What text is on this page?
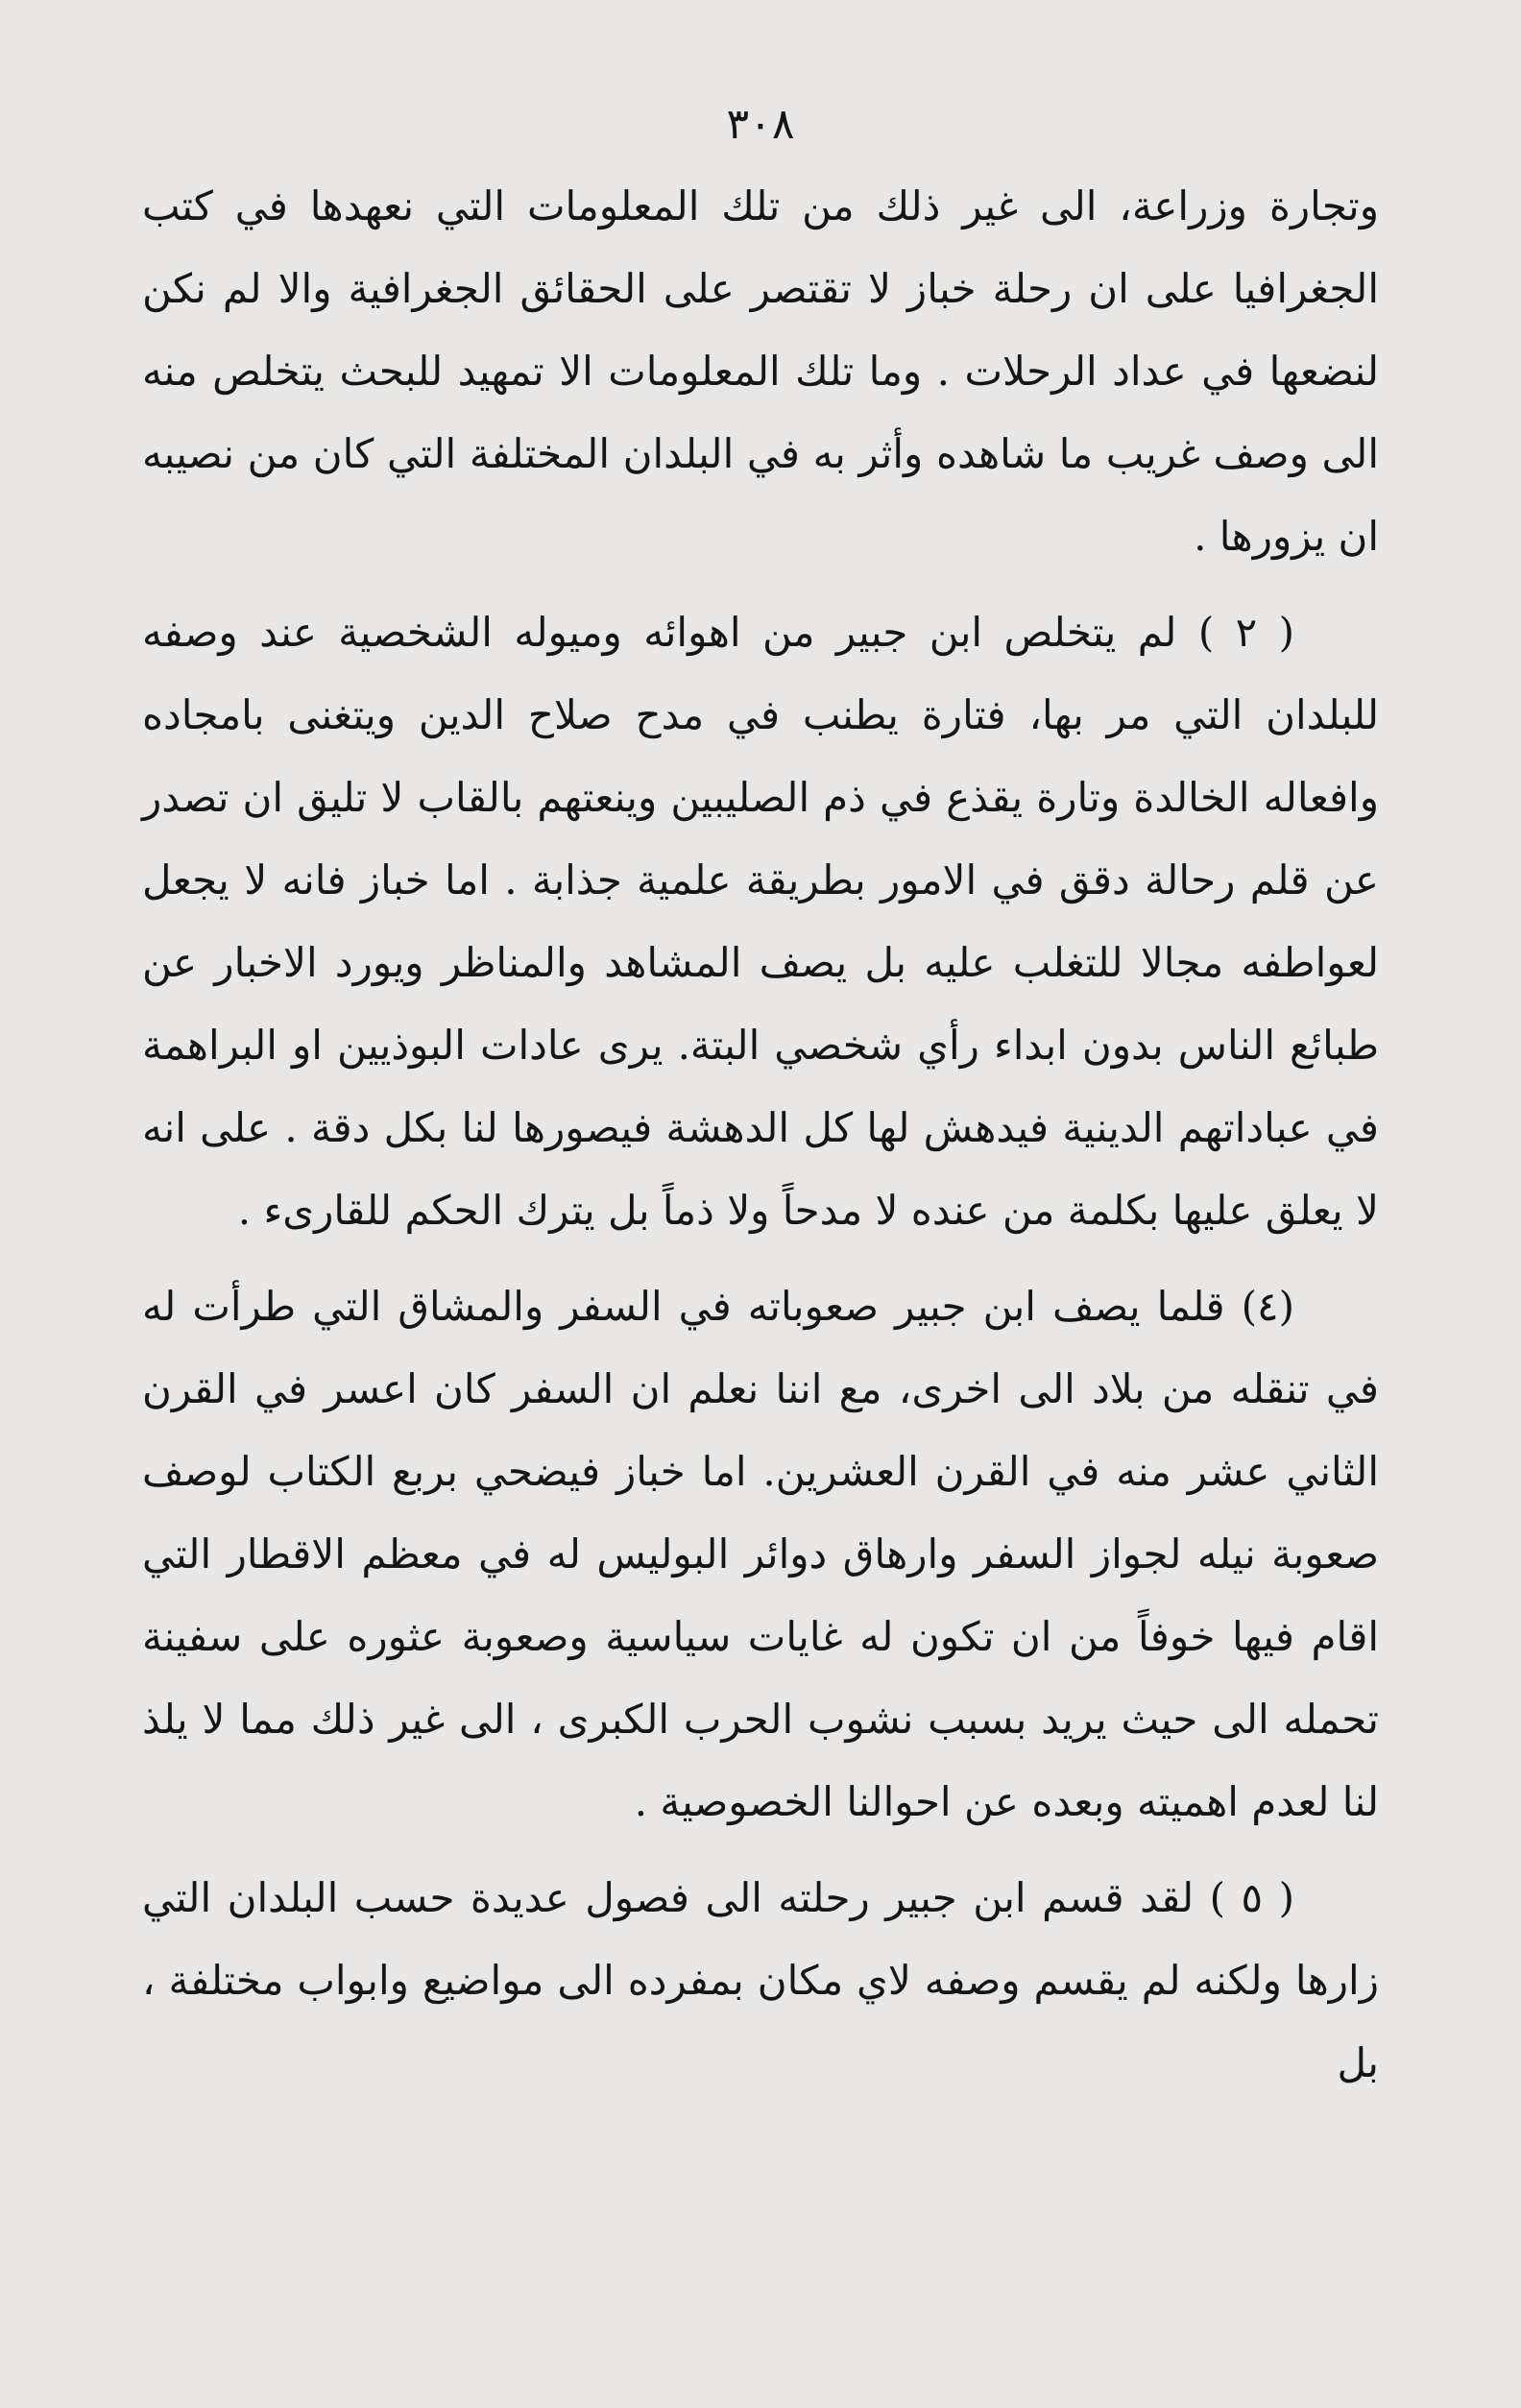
٣٠٨

وتجارة وزراعة، الى غير ذلك من تلك المعلومات التي نعهدها في كتب الجغرافيا على ان رحلة خباز لا تقتصر على الحقائق الجغرافية والا لم نكن لنضعها في عداد الرحلات . وما تلك المعلومات الا تمهيد للبحث يتخلص منه الى وصف غريب ما شاهده وأثر به في البلدان المختلفة التي كان من نصيبه ان يزورها .

( ٢ ) لم يتخلص ابن جبير من اهوائه وميوله الشخصية عند وصفه للبلدان التي مر بها، فتارة يطنب في مدح صلاح الدين ويتغنى بامجاده وافعاله الخالدة وتارة يقذع في ذم الصليبين وينعتهم بالقاب لا تليق ان تصدر عن قلم رحالة دقق في الامور بطريقة علمية جذابة . اما خباز فانه لا يجعل لعواطفه مجالا للتغلب عليه بل يصف المشاهد والمناظر ويورد الاخبار عن طبائع الناس بدون ابداء رأي شخصي البتة. يرى عادات البوذيين او البراهمة في عباداتهم الدينية فيدهش لها كل الدهشة فيصورها لنا بكل دقة . على انه لا يعلق عليها بكلمة من عنده لا مدحاً ولا ذماً بل يترك الحكم للقارىء .

(٤) قلما يصف ابن جبير صعوباته في السفر والمشاق التي طرأت له في تنقله من بلاد الى اخرى، مع اننا نعلم ان السفر كان اعسر في القرن الثاني عشر منه في القرن العشرين. اما خباز فيضحي بربع الكتاب لوصف صعوبة نيله لجواز السفر وارهاق دوائر البوليس له في معظم الاقطار التي اقام فيها خوفاً من ان تكون له غايات سياسية وصعوبة عثوره على سفينة تحمله الى حيث يريد بسبب نشوب الحرب الكبرى ، الى غير ذلك مما لا يلذ لنا لعدم اهميته وبعده عن احوالنا الخصوصية .

( ٥ ) لقد قسم ابن جبير رحلته الى فصول عديدة حسب البلدان التي زارها ولكنه لم يقسم وصفه لاي مكان بمفرده الى مواضيع وابواب مختلفة ، بل
